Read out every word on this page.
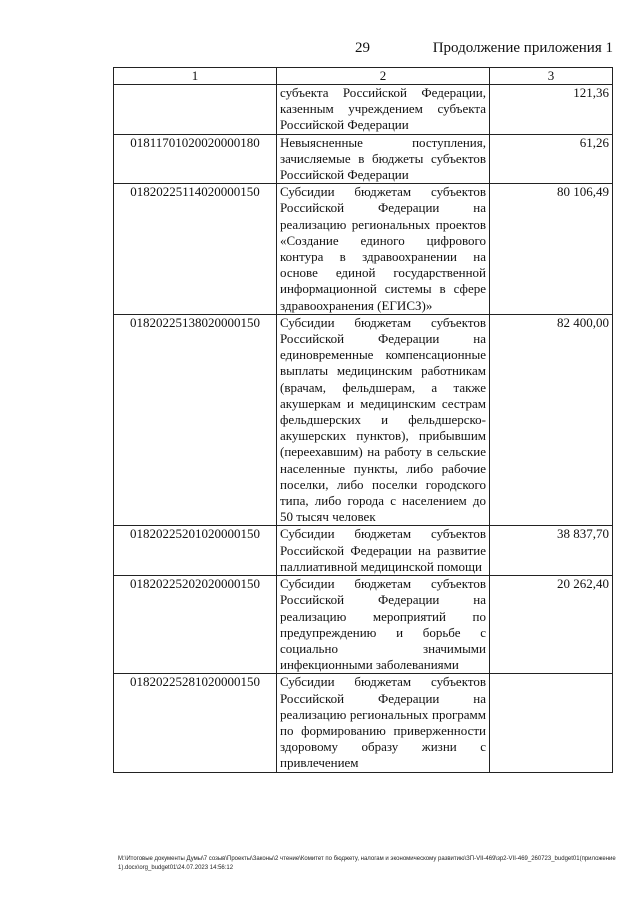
29	Продолжение приложения 1
1	2	3
	субъекта Российской Федерации, казенным учреждением субъекта Российской Федерации	121,36
01811701020020000180	Невыясненные поступления, зачисляемые в бюджеты субъектов Российской Федерации	61,26
01820225114020000150	Субсидии бюджетам субъектов Российской Федерации на реализацию региональных проектов «Создание единого цифрового контура в здравоохранении на основе единой государственной информационной системы в сфере здравоохранения (ЕГИСЗ)»	80 106,49
01820225138020000150	Субсидии бюджетам субъектов Российской Федерации на единовременные компенсационные выплаты медицинским работникам (врачам, фельдшерам, а также акушеркам и медицинским сестрам фельдшерских и фельдшерско-акушерских пунктов), прибывшим (переехавшим) на работу в сельские населенные пункты, либо рабочие поселки, либо поселки городского типа, либо города с населением до 50 тысяч человек	82 400,00
01820225201020000150	Субсидии бюджетам субъектов Российской Федерации на развитие паллиативной медицинской помощи	38 837,70
01820225202020000150	Субсидии бюджетам субъектов Российской Федерации на реализацию мероприятий по предупреждению и борьбе с социально значимыми инфекционными заболеваниями	20 262,40
01820225281020000150	Субсидии бюджетам субъектов Российской Федерации на реализацию региональных программ по формированию приверженности здоровому образу жизни с привлечением	
M:\Итоговые документы Думы\7 созыв\Проекты\Законы\2 чтение\Комитет по бюджету, налогам и экономическому развитию\ЗП-VII-469\зр2-VII-469_260723_budget01(приложение1).docx\org_budget01\24.07.2023 14:56:12
